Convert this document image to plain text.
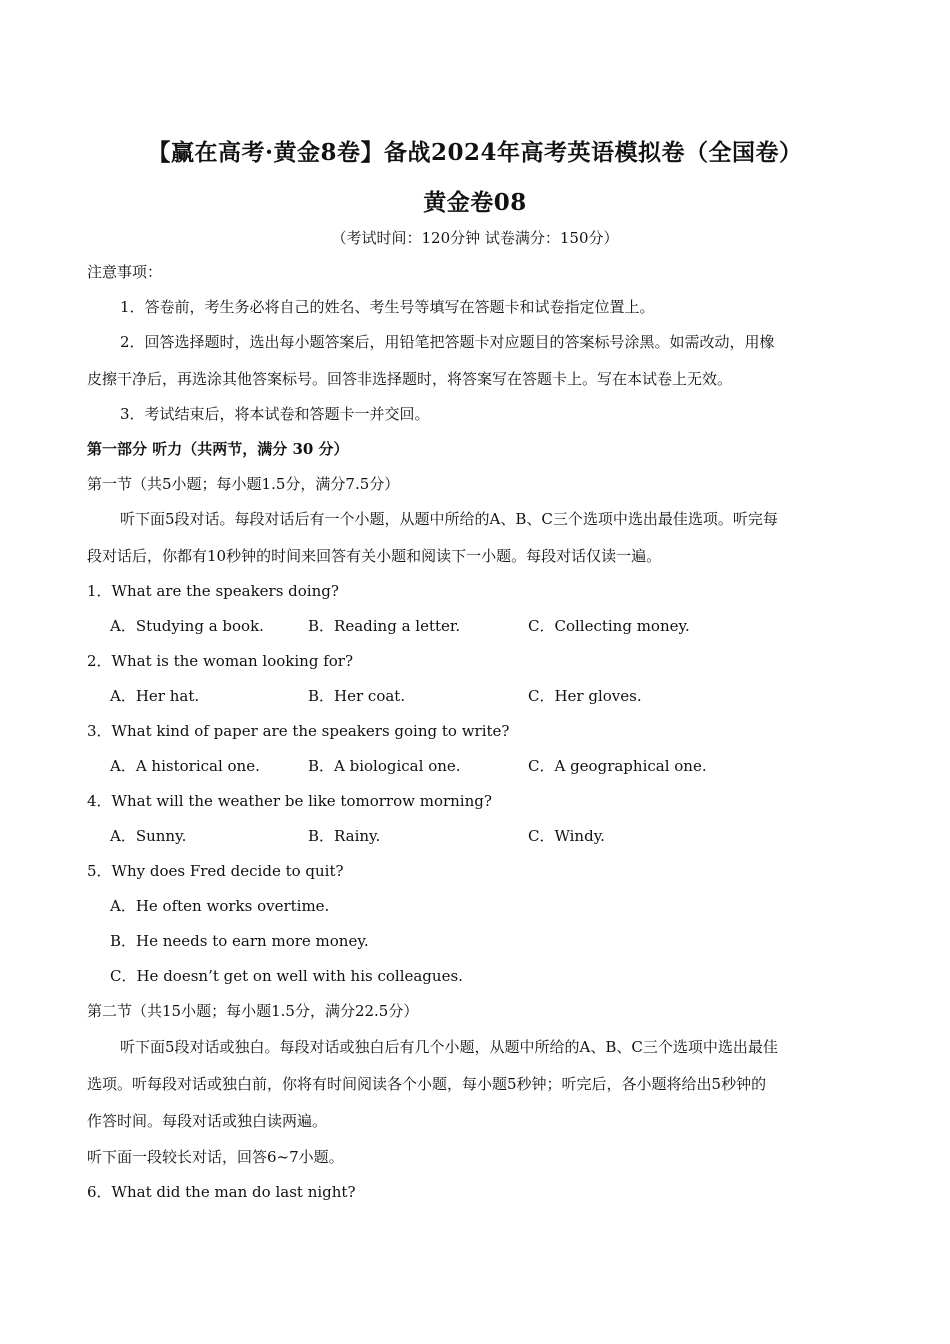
【赢在高考·黄金8卷】备战2024年高考英语模拟卷（全国卷）
黄金卷08
（考试时间：120分钟 试卷满分：150分）
注意事项：
1．答卷前，考生务必将自己的姓名、考生号等填写在答题卡和试卷指定位置上。
2．回答选择题时，选出每小题答案后，用铅笔把答题卡对应题目的答案标号涂黑。如需改动，用橡
皮擦干净后，再选涂其他答案标号。回答非选择题时，将答案写在答题卡上。写在本试卷上无效。
3．考试结束后，将本试卷和答题卡一并交回。
第一部分 听力（共两节，满分 30 分）
第一节（共5小题；每小题1.5分，满分7.5分）
听下面5段对话。每段对话后有一个小题，从题中所给的A、B、C三个选项中选出最佳选项。听完每
段对话后，你都有10秒钟的时间来回答有关小题和阅读下一小题。每段对话仅读一遍。
1．What are the speakers doing?
A．Studying a book.	B．Reading a letter.	C．Collecting money.
2．What is the woman looking for?
A．Her hat.	B．Her coat.	C．Her gloves.
3．What kind of paper are the speakers going to write?
A．A historical one.	B．A biological one.	C．A geographical one.
4．What will the weather be like tomorrow morning?
A．Sunny.	B．Rainy.	C．Windy.
5．Why does Fred decide to quit?
A．He often works overtime.
B．He needs to earn more money.
C．He doesn’t get on well with his colleagues.
第二节（共15小题；每小题1.5分，满分22.5分）
听下面5段对话或独白。每段对话或独白后有几个小题，从题中所给的A、B、C三个选项中选出最佳
选项。听每段对话或独白前，你将有时间阅读各个小题，每小题5秒钟；听完后，各小题将给出5秒钟的
作答时间。每段对话或独白读两遍。
听下面一段较长对话，回答6~7小题。
6．What did the man do last night?
